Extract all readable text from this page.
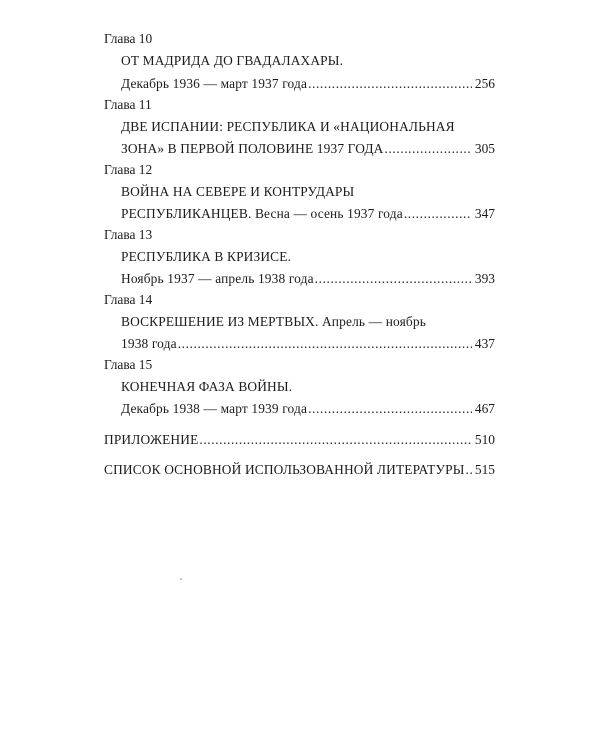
Глава 10
ОТ МАДРИДА ДО ГВАДАЛАХАРЫ.
Декабрь 1936 — март 1937 года .....	256
Глава 11
ДВЕ ИСПАНИИ: РЕСПУБЛИКА И «НАЦИОНАЛЬНАЯ
ЗОНА» В ПЕРВОЙ ПОЛОВИНЕ 1937 ГОДА .....	305
Глава 12
ВОЙНА НА СЕВЕРЕ И КОНТРУДАРЫ
РЕСПУБЛИКАНЦЕВ. Весна — осень 1937 года .....	347
Глава 13
РЕСПУБЛИКА В КРИЗИСЕ.
Ноябрь 1937 — апрель 1938 года .....	393
Глава 14
ВОСКРЕШЕНИЕ ИЗ МЕРТВЫХ. Апрель — ноябрь
1938 года .....	437
Глава 15
КОНЕЧНАЯ ФАЗА ВОЙНЫ.
Декабрь 1938 — март 1939 года .....	467
ПРИЛОЖЕНИЕ .....	510
СПИСОК ОСНОВНОЙ ИСПОЛЬЗОВАННОЙ ЛИТЕРАТУРЫ ..... 515
